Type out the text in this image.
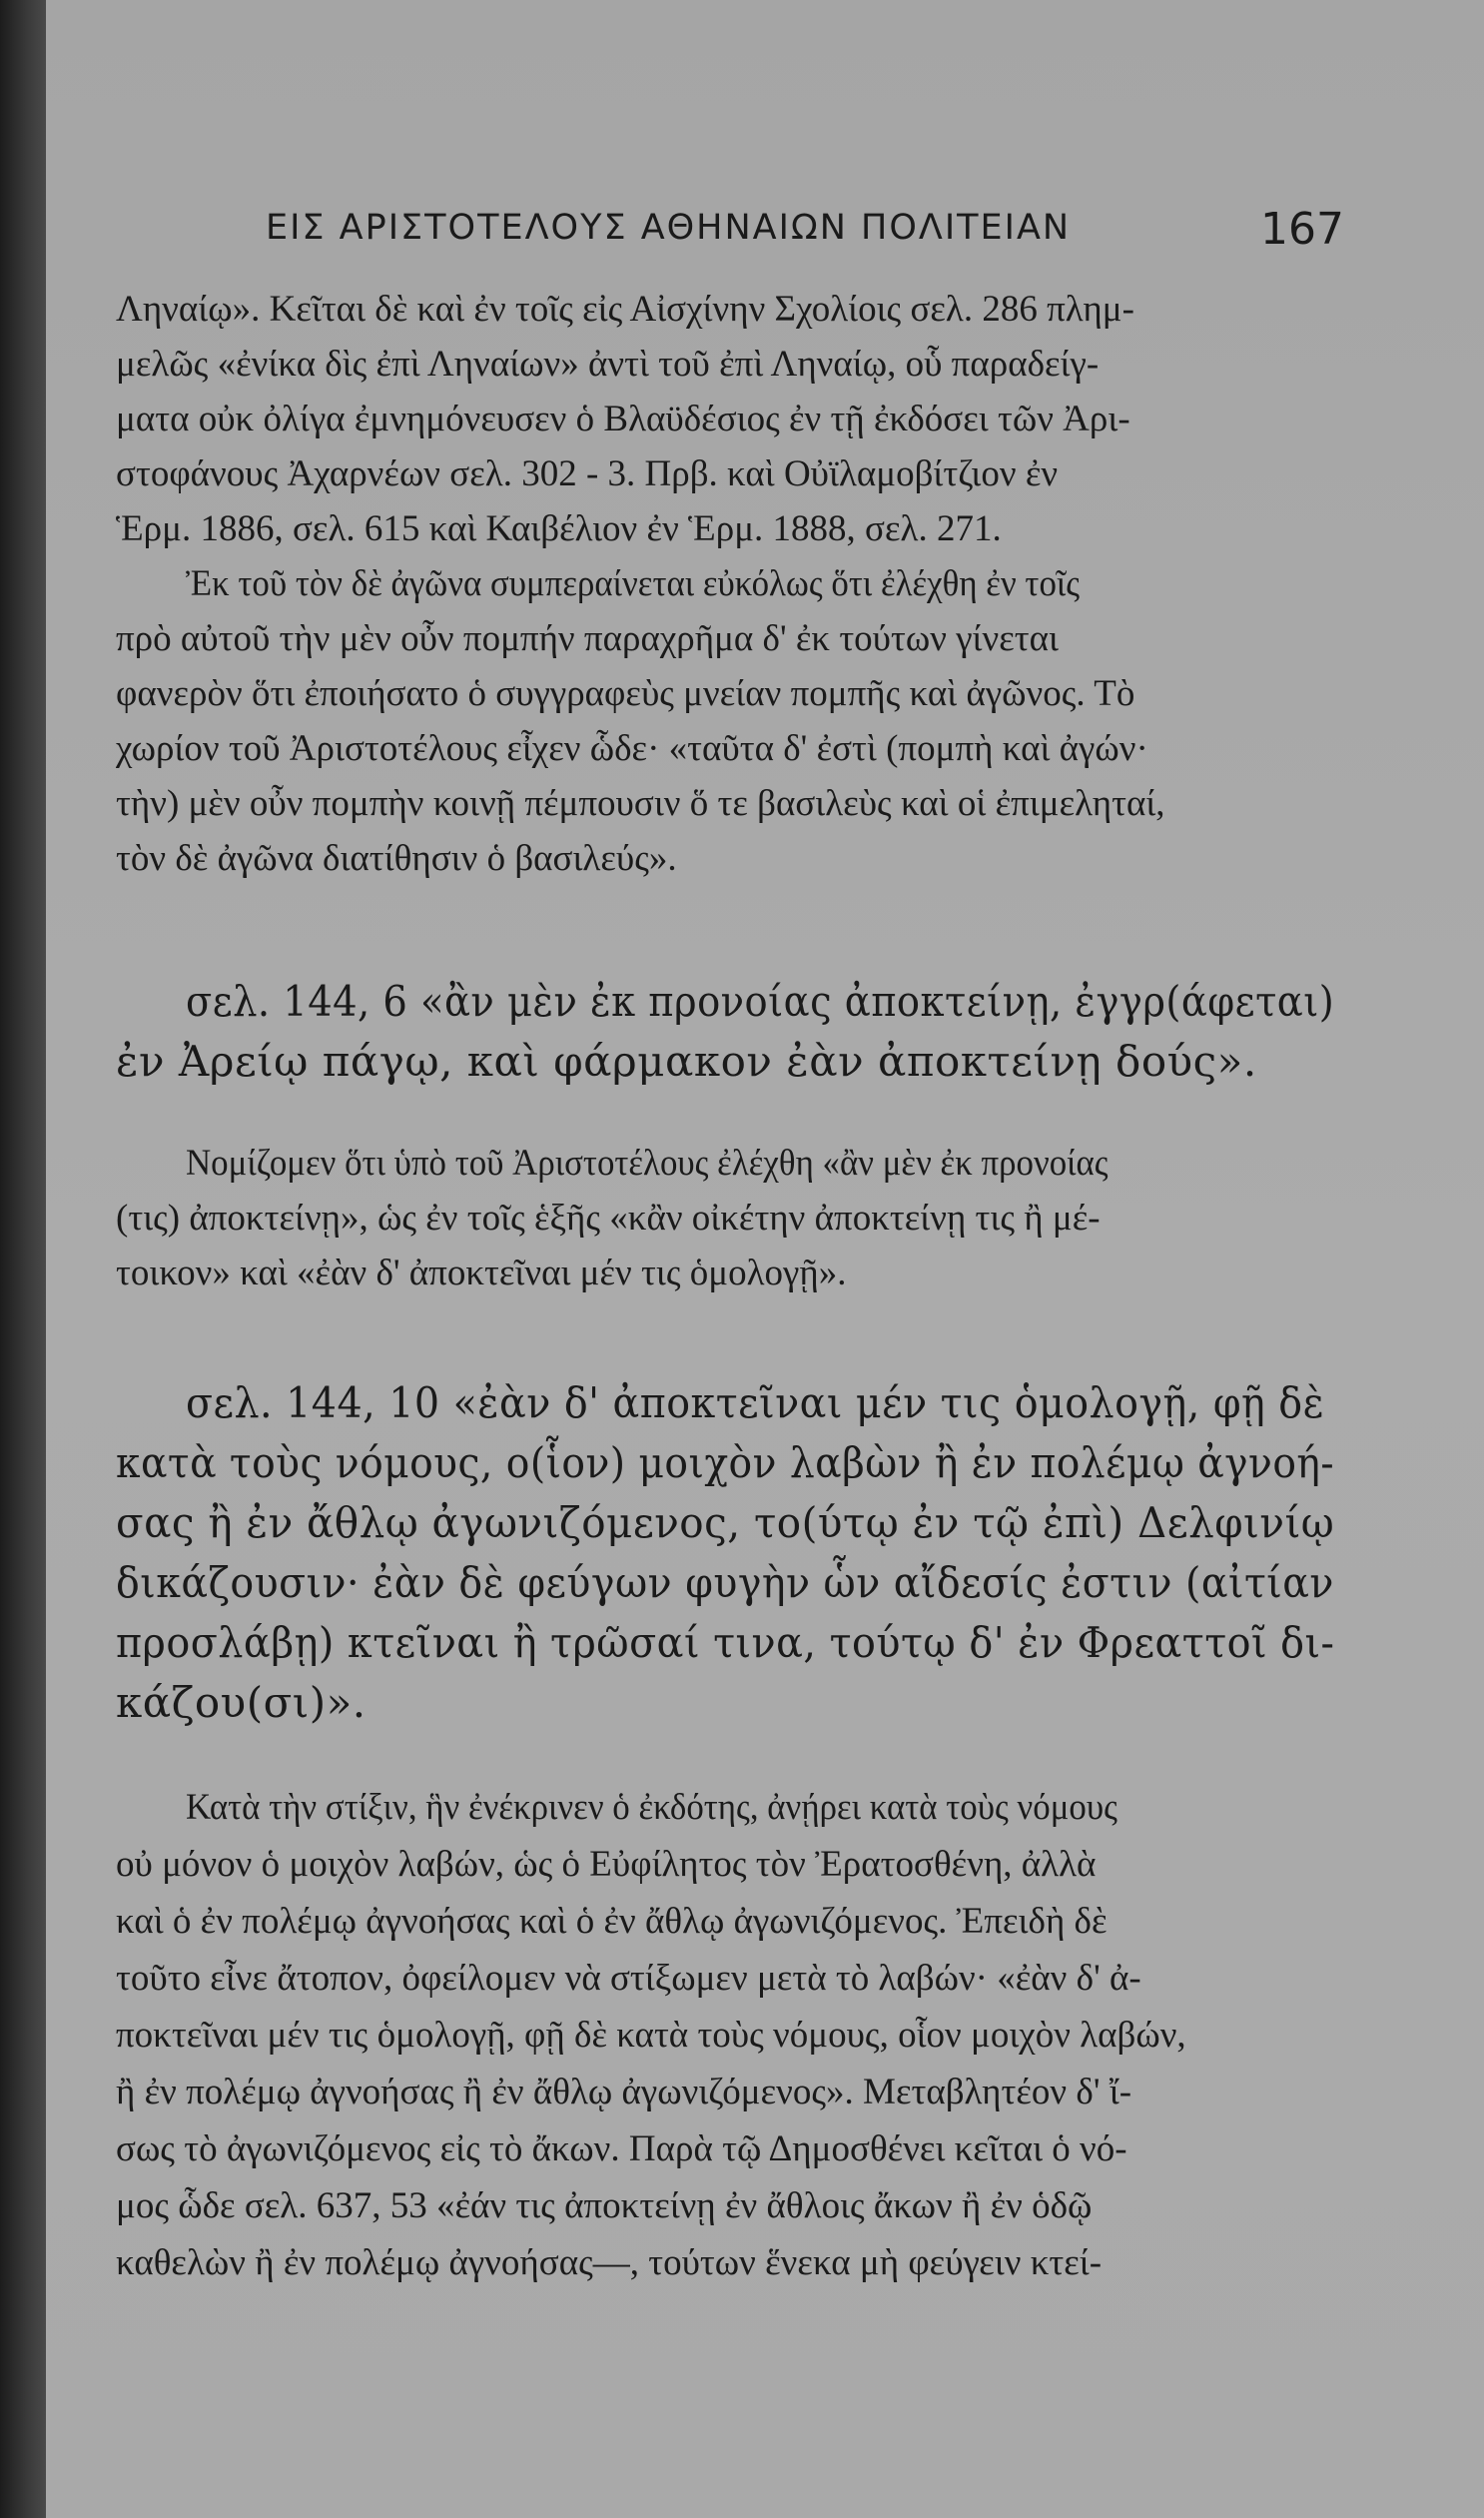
ΕΙΣ ΑΡΙΣΤΟΤΕΛΟΥΣ ΑΘΗΝΑΙΩΝ ΠΟΛΙΤΕΙΑΝ	167
Ληναίῳ». Κεῖται δὲ καὶ ἐν τοῖς εἰς Αἰσχίνην Σχολίοις σελ. 286 πλημ-
μελῶς «ἐνίκα δὶς ἐπὶ Ληναίων» ἀντὶ τοῦ ἐπὶ Ληναίῳ, οὗ παραδείγ-
ματα οὐκ ὀλίγα ἐμνημόνευσεν ὁ Βλαϋδέσιος ἐν τῇ ἐκδόσει τῶν Ἀρι-
στοφάνους Ἀχαρνέων σελ. 302 - 3. Πρβ. καὶ Οὐϊλαμοβίτζιον ἐν
Ἑρμ. 1886, σελ. 615 καὶ Καιβέλιον ἐν Ἑρμ. 1888, σελ. 271.
Ἐκ τοῦ τὸν δὲ ἀγῶνα συμπεραίνεται εὐκόλως ὅτι ἐλέχθη ἐν τοῖς
πρὸ αὐτοῦ τὴν μὲν οὖν πομπήν παραχρῆμα δ' ἐκ τούτων γίνεται
φανερὸν ὅτι ἐποιήσατο ὁ συγγραφεὺς μνείαν πομπῆς καὶ ἀγῶνος. Τὸ
χωρίον τοῦ Ἀριστοτέλους εἶχεν ὧδε· «ταῦτα δ' ἐστὶ (πομπὴ καὶ ἀγών·
τὴν) μὲν οὖν πομπὴν κοινῇ πέμπουσιν ὅ τε βασιλεὺς καὶ οἱ ἐπιμεληταί,
τὸν δὲ ἀγῶνα διατίθησιν ὁ βασιλεύς».
σελ. 144, 6 «ἂν μὲν ἐκ προνοίας ἀποκτείνῃ, ἐγγρ(άφεται)
ἐν Ἀρείῳ πάγῳ, καὶ φάρμακον ἐὰν ἀποκτείνῃ δούς».
Νομίζομεν ὅτι ὑπὸ τοῦ Ἀριστοτέλους ἐλέχθη «ἂν μὲν ἐκ προνοίας
(τις) ἀποκτείνῃ», ὡς ἐν τοῖς ἑξῆς «κἂν οἰκέτην ἀποκτείνῃ τις ἢ μέ-
τοικον» καὶ «ἐὰν δ' ἀποκτεῖναι μέν τις ὁμολογῇ».
σελ. 144, 10 «ἐὰν δ' ἀποκτεῖναι μέν τις ὁμολογῇ, φῇ δὲ
κατὰ τοὺς νόμους, ο(ἷον) μοιχὸν λαβὼν ἢ ἐν πολέμῳ ἀγνοή-
σας ἢ ἐν ἄθλῳ ἀγωνιζόμενος, το(ύτῳ ἐν τῷ ἐπὶ) Δελφινίῳ
δικάζουσιν· ἐὰν δὲ φεύγων φυγὴν ὧν αἴδεσίς ἐστιν (αἰτίαν
προσλάβῃ) κτεῖναι ἢ τρῶσαί τινα, τούτῳ δ' ἐν Φρεαττοῖ δι-
κάζου(σι)».
Κατὰ τὴν στίξιν, ἣν ἐνέκρινεν ὁ ἐκδότης, ἀνῄρει κατὰ τοὺς νόμους
οὐ μόνον ὁ μοιχὸν λαβών, ὡς ὁ Εὐφίλητος τὸν Ἐρατοσθένη, ἀλλὰ
καὶ ὁ ἐν πολέμῳ ἀγνοήσας καὶ ὁ ἐν ἄθλῳ ἀγωνιζόμενος. Ἐπειδὴ δὲ
τοῦτο εἶνε ἄτοπον, ὀφείλομεν νὰ στίξωμεν μετὰ τὸ λαβών· «ἐὰν δ' ἀ-
ποκτεῖναι μέν τις ὁμολογῇ, φῇ δὲ κατὰ τοὺς νόμους, οἷον μοιχὸν λαβών,
ἢ ἐν πολέμῳ ἀγνοήσας ἢ ἐν ἄθλῳ ἀγωνιζόμενος». Μεταβλητέον δ' ἴ-
σως τὸ ἀγωνιζόμενος εἰς τὸ ἄκων. Παρὰ τῷ Δημοσθένει κεῖται ὁ νό-
μος ὧδε σελ. 637, 53 «ἐάν τις ἀποκτείνῃ ἐν ἄθλοις ἄκων ἢ ἐν ὁδῷ
καθελὼν ἢ ἐν πολέμῳ ἀγνοήσας—, τούτων ἕνεκα μὴ φεύγειν κτεί-
